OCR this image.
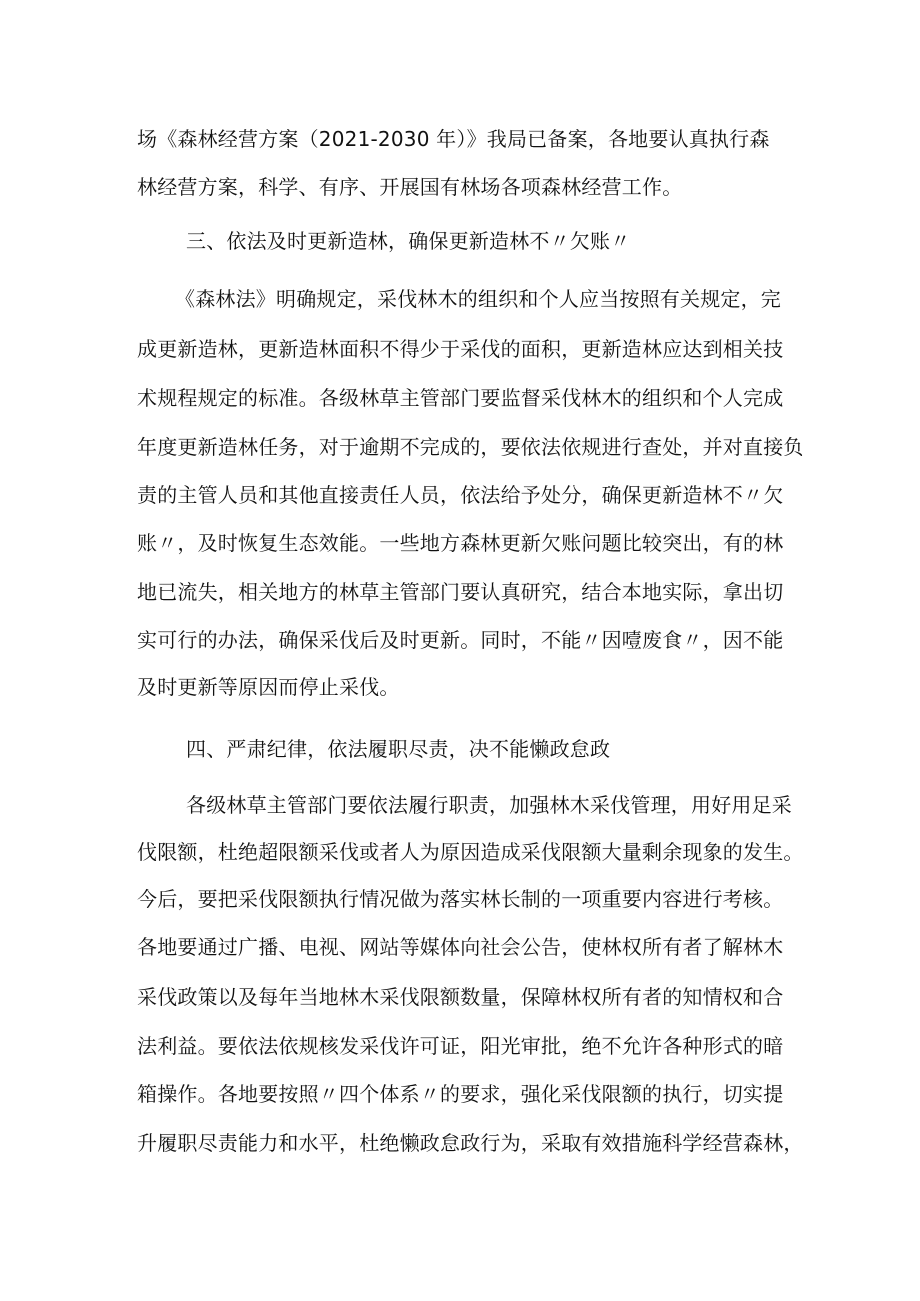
场《森林经营方案（2021-2030 年）》我局已备案，各地要认真执行森
林经营方案，科学、有序、开展国有林场各项森林经营工作。
三、依法及时更新造林，确保更新造林不〃欠账〃
《森林法》明确规定，采伐林木的组织和个人应当按照有关规定，完
成更新造林，更新造林面积不得少于采伐的面积，更新造林应达到相关技
术规程规定的标准。各级林草主管部门要监督采伐林木的组织和个人完成
年度更新造林任务，对于逾期不完成的，要依法依规进行查处，并对直接负
责的主管人员和其他直接责任人员，依法给予处分，确保更新造林不〃欠
账〃，及时恢复生态效能。一些地方森林更新欠账问题比较突出，有的林
地已流失，相关地方的林草主管部门要认真研究，结合本地实际，拿出切
实可行的办法，确保采伐后及时更新。同时，不能〃因噎废食〃，因不能
及时更新等原因而停止采伐。
四、严肃纪律，依法履职尽责，决不能懒政怠政
各级林草主管部门要依法履行职责，加强林木采伐管理，用好用足采
伐限额，杜绝超限额采伐或者人为原因造成采伐限额大量剩余现象的发生。
今后，要把采伐限额执行情况做为落实林长制的一项重要内容进行考核。
各地要通过广播、电视、网站等媒体向社会公告，使林权所有者了解林木
采伐政策以及每年当地林木采伐限额数量，保障林权所有者的知情权和合
法利益。要依法依规核发采伐许可证，阳光审批，绝不允许各种形式的暗
箱操作。各地要按照〃四个体系〃的要求，强化采伐限额的执行，切实提
升履职尽责能力和水平，杜绝懒政怠政行为，采取有效措施科学经营森林，
